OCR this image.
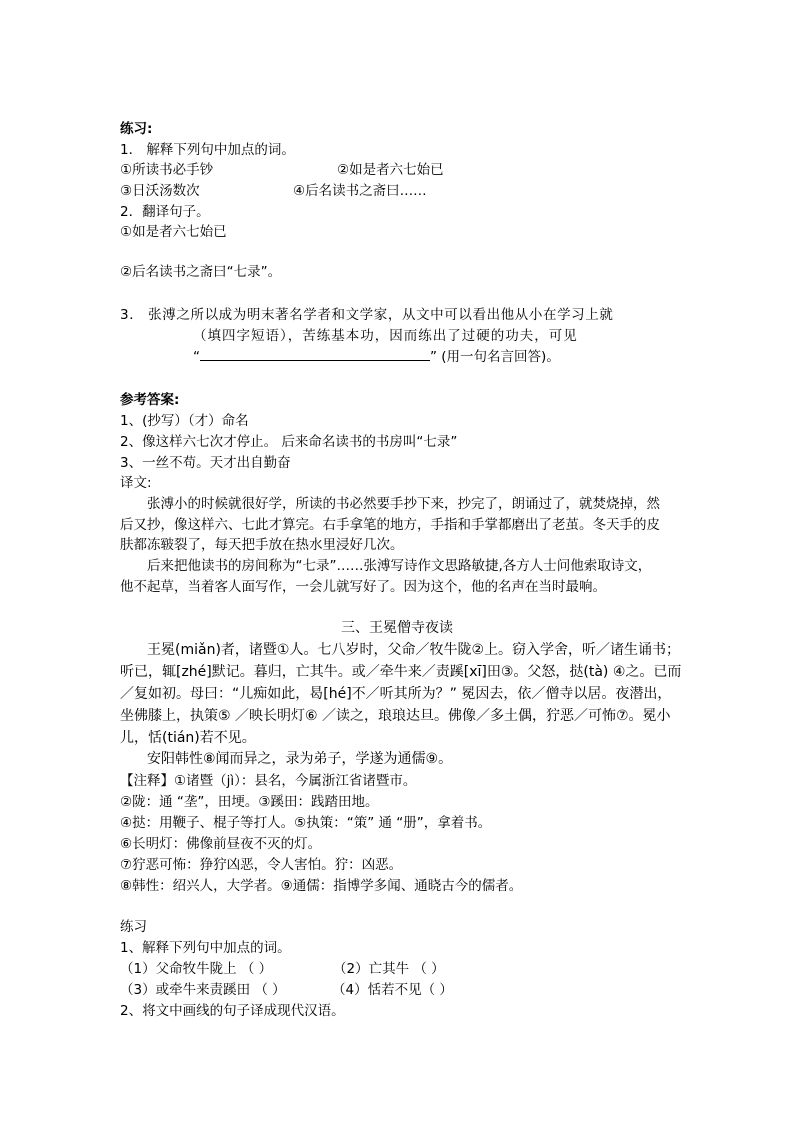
练习:
1． 解释下列句中加点的词。
①所读书必手钞	②如是者六七始已
③日沃汤数次	④后名读书之斋曰……
2．翻译句子。
①如是者六七始已
②后名读书之斋曰“七录”。
3． 张溥之所以成为明末著名学者和文学家，从文中可以看出他从小在学习上就
（填四字短语），苦练基本功，因而练出了过硬的功夫，可见
“	” (用一句名言回答)。
参考答案:
1、(抄写）（才）命名
2、像这样六七次才停止。 后来命名读书的书房叫“七录”
3、一丝不苟。天才出自勤奋
译文:
张溥小的时候就很好学，所读的书必然要手抄下来，抄完了，朗诵过了，就焚烧掉，然
后又抄，像这样六、七此才算完。右手拿笔的地方，手指和手掌都磨出了老茧。冬天手的皮
肤都冻皲裂了，每天把手放在热水里浸好几次。
后来把他读书的房间称为“七录”……张溥写诗作文思路敏捷,各方人士问他索取诗文，
他不起草，当着客人面写作，一会儿就写好了。因为这个，他的名声在当时最响。
三、王冕僧寺夜读
王冕(miǎn)者，诸暨①人。七八岁时，父命／牧牛陇②上。窃入学舍，听／诸生诵书；
听已，辄[zhé]默记。暮归，亡其牛。或／牵牛来／责蹊[xī]田③。父怒，挞(tà) ④之。已而
／复如初。母曰：“儿痴如此，曷[hé]不／听其所为？” 冕因去，依／僧寺以居。夜潜出，
坐佛膝上，执策⑤ ／映长明灯⑥ ／读之，琅琅达旦。佛像／多土偶，狞恶／可怖⑦。冕小
儿，恬(tián)若不见。
安阳韩性⑧闻而异之，录为弟子，学遂为通儒⑨。
【注释】①诸暨（jì）：县名，今属浙江省诸暨市。
②陇：通 “垄”，田埂。③蹊田：践踏田地。
④挞：用鞭子、棍子等打人。⑤执策：“策” 通 “册”，拿着书。
⑥长明灯：佛像前昼夜不灭的灯。
⑦狞恶可怖：狰狞凶恶，令人害怕。狞：凶恶。
⑧韩性：绍兴人，大学者。⑨通儒：指博学多闻、通晓古今的儒者。
练习
1、解释下列句中加点的词。
（1）父命牧牛陇上 （ ）	（2）亡其牛 （ ）
（3）或牵牛来责蹊田 （ ）	（4）恬若不见（ ）
2、将文中画线的句子译成现代汉语。
